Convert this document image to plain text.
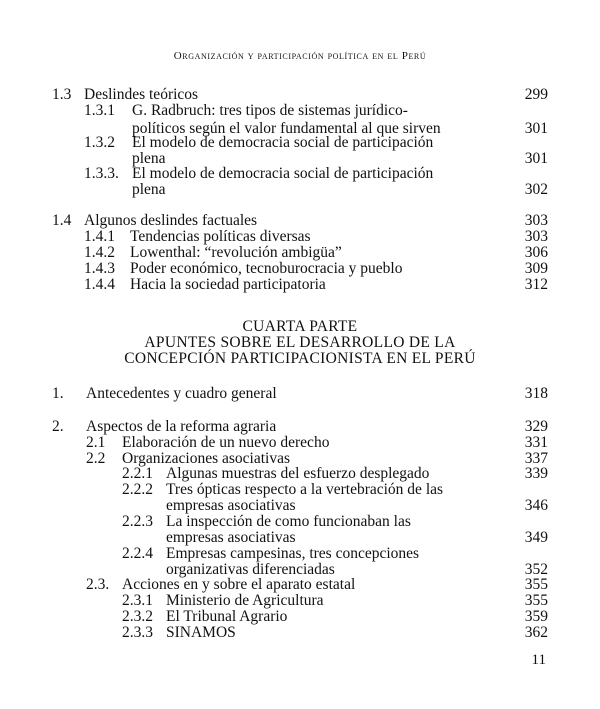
Organización y participación política en el Perú
1.3 Deslindes teóricos	299
1.3.1 G. Radbruch: tres tipos de sistemas jurídico-
políticos según el valor fundamental al que sirven	301
1.3.2 El modelo de democracia social de participación
plena	301
1.3.3. El modelo de democracia social de participación
plena	302
1.4 Algunos deslindes factuales	303
1.4.1 Tendencias políticas diversas	303
1.4.2 Lowenthal: “revolución ambigüa”	306
1.4.3 Poder económico, tecnoburocracia y pueblo	309
1.4.4 Hacia la sociedad participatoria	312
CUARTA PARTE
APUNTES SOBRE EL DESARROLLO DE LA
CONCEPCIÓN PARTICIPACIONISTA EN EL PERÚ
1. Antecedentes y cuadro general	318
2. Aspectos de la reforma agraria	329
2.1 Elaboración de un nuevo derecho	331
2.2 Organizaciones asociativas	337
2.2.1 Algunas muestras del esfuerzo desplegado	339
2.2.2 Tres ópticas respecto a la vertebración de las
empresas asociativas	346
2.2.3 La inspección de como funcionaban las
empresas asociativas	349
2.2.4 Empresas campesinas, tres concepciones
organizativas diferenciadas	352
2.3. Acciones en y sobre el aparato estatal	355
2.3.1 Ministerio de Agricultura	355
2.3.2 El Tribunal Agrario	359
2.3.3 SINAMOS	362
11
